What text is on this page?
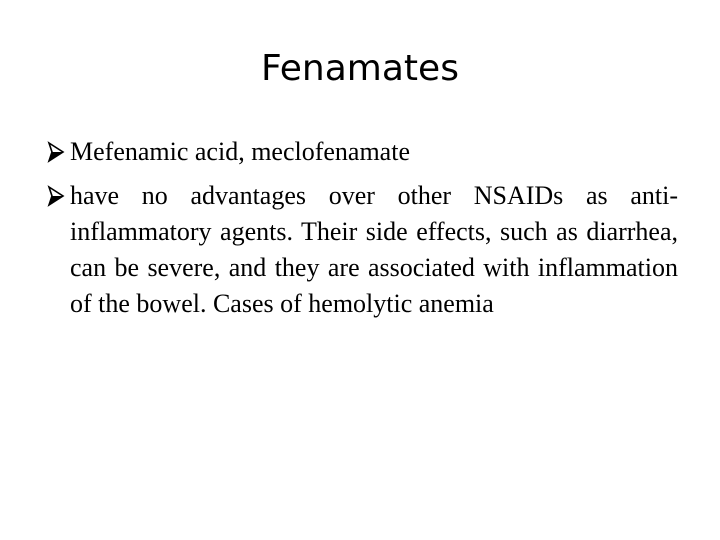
Fenamates
Mefenamic acid, meclofenamate
have no advantages over other NSAIDs as anti-inflammatory agents. Their side effects, such as diarrhea, can be severe, and they are associated with inflammation of the bowel. Cases of hemolytic anemia
